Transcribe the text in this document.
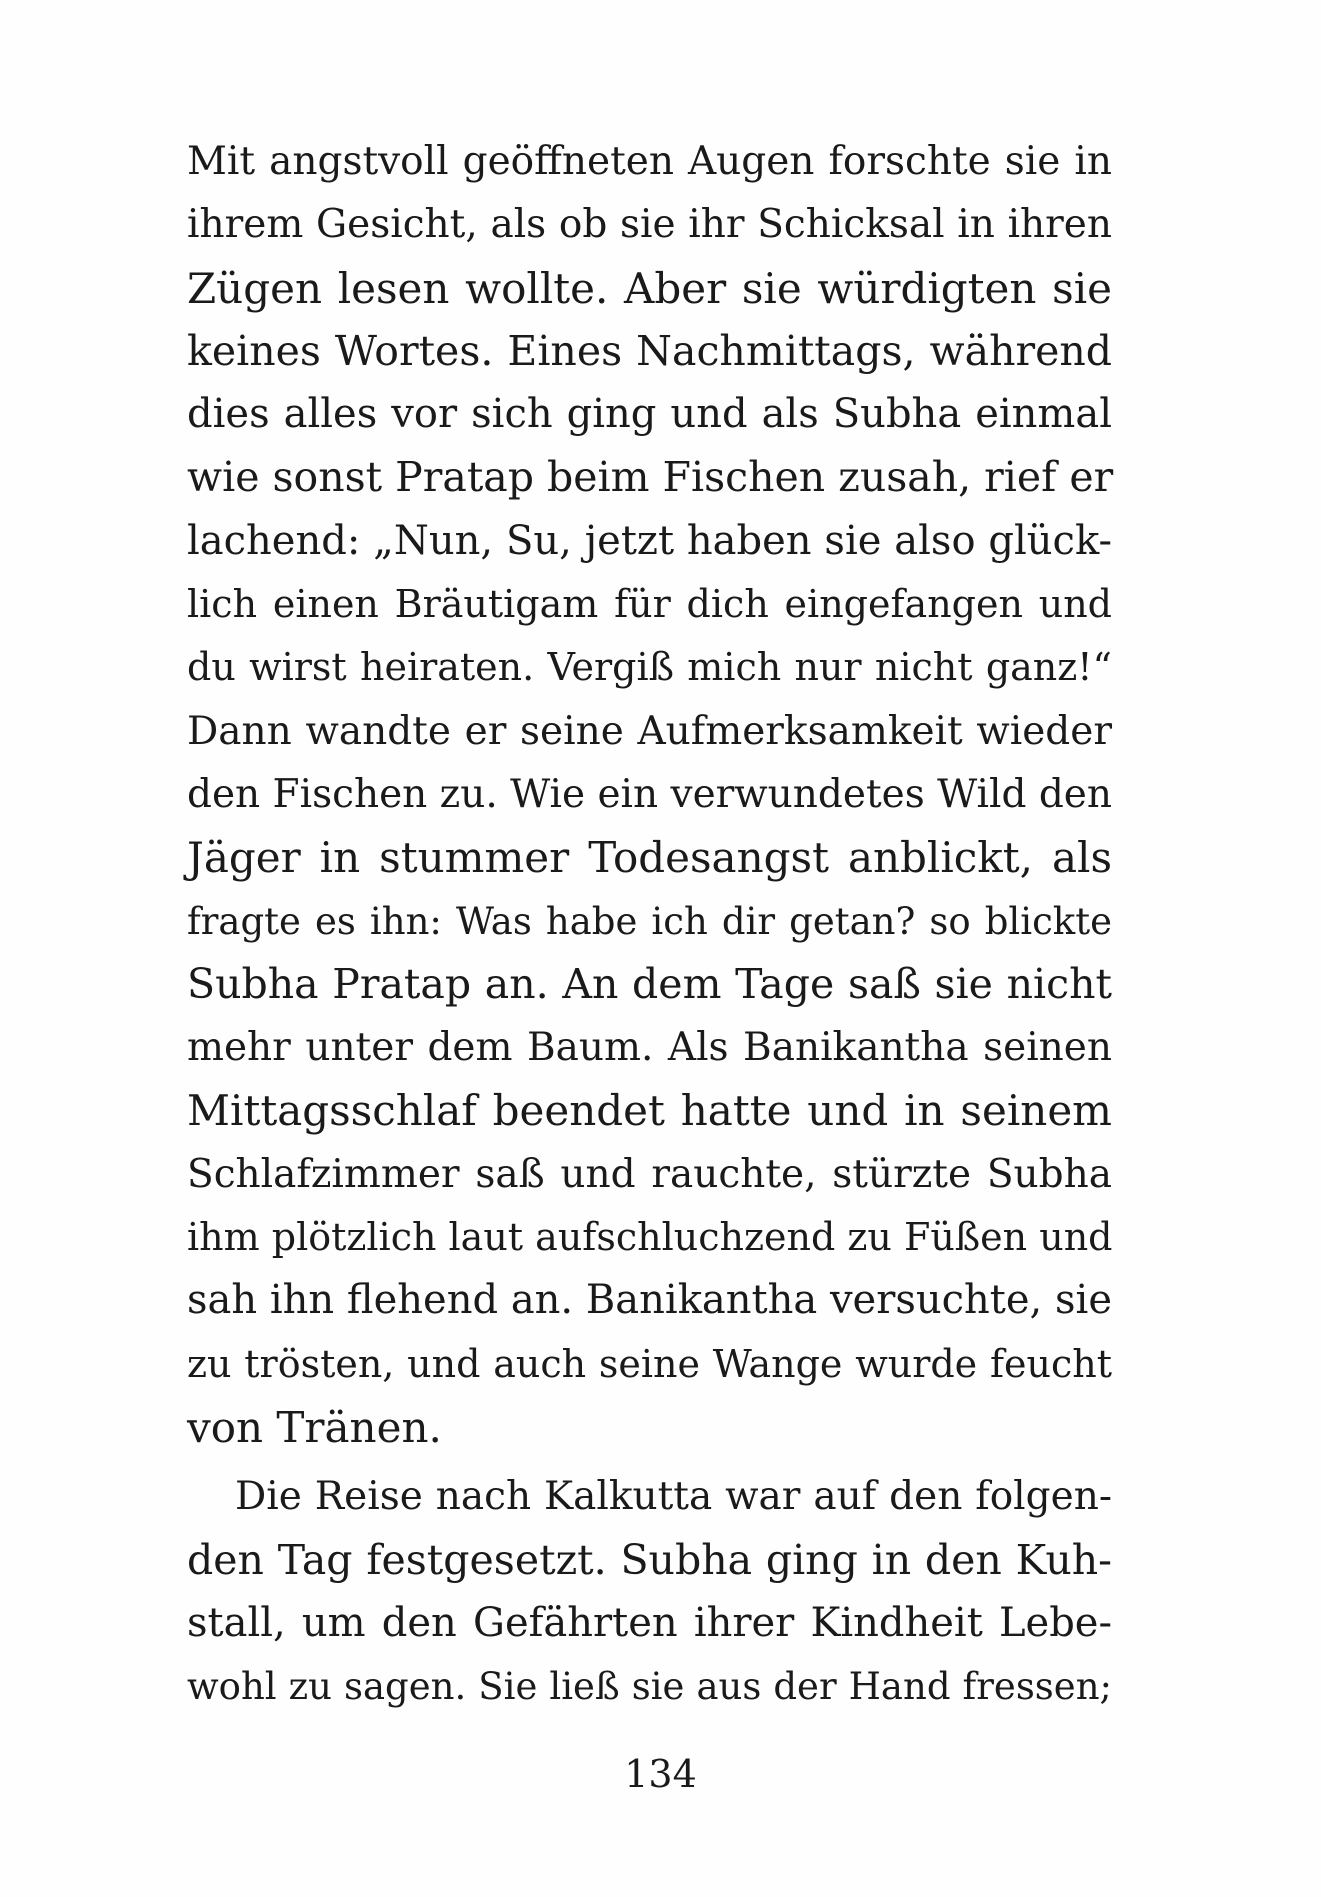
Mit angstvoll geöffneten Augen forschte sie in
ihrem Gesicht, als ob sie ihr Schicksal in ihren
Zügen lesen wollte. Aber sie würdigten sie
keines Wortes. Eines Nachmittags, während
dies alles vor sich ging und als Subha einmal
wie sonst Pratap beim Fischen zusah, rief er
lachend: „Nun, Su, jetzt haben sie also glück-
lich einen Bräutigam für dich eingefangen und
du wirst heiraten. Vergiß mich nur nicht ganz!“
Dann wandte er seine Aufmerksamkeit wieder
den Fischen zu. Wie ein verwundetes Wild den
Jäger in stummer Todesangst anblickt, als
fragte es ihn: Was habe ich dir getan? so blickte
Subha Pratap an. An dem Tage saß sie nicht
mehr unter dem Baum. Als Banikantha seinen
Mittagsschlaf beendet hatte und in seinem
Schlafzimmer saß und rauchte, stürzte Subha
ihm plötzlich laut aufschluchzend zu Füßen und
sah ihn flehend an. Banikantha versuchte, sie
zu trösten, und auch seine Wange wurde feucht
von Tränen.
Die Reise nach Kalkutta war auf den folgen-
den Tag festgesetzt. Subha ging in den Kuh-
stall, um den Gefährten ihrer Kindheit Lebe-
wohl zu sagen. Sie ließ sie aus der Hand fressen;
134
